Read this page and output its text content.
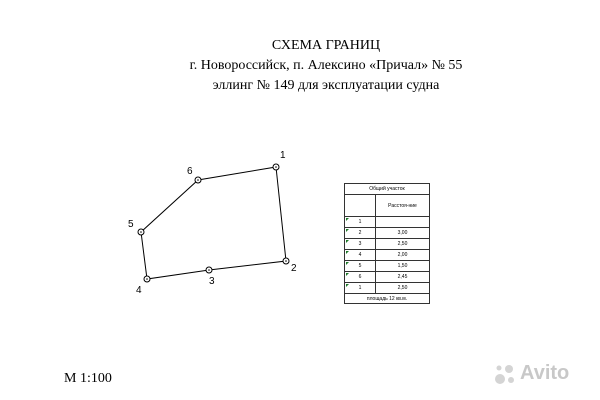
СХЕМА ГРАНИЦ
г. Новороссийск, п. Алексино «Причал» № 55
эллинг № 149 для эксплуатации судна
1
2
3
4
5
6
Общий участок	
	Расстоя-ние

1	

2	3,00

3	2,50

4	2,00

5	1,50

6	2,45

1	2,50
площадь 12 кв.м.	
М 1:100	Avito
